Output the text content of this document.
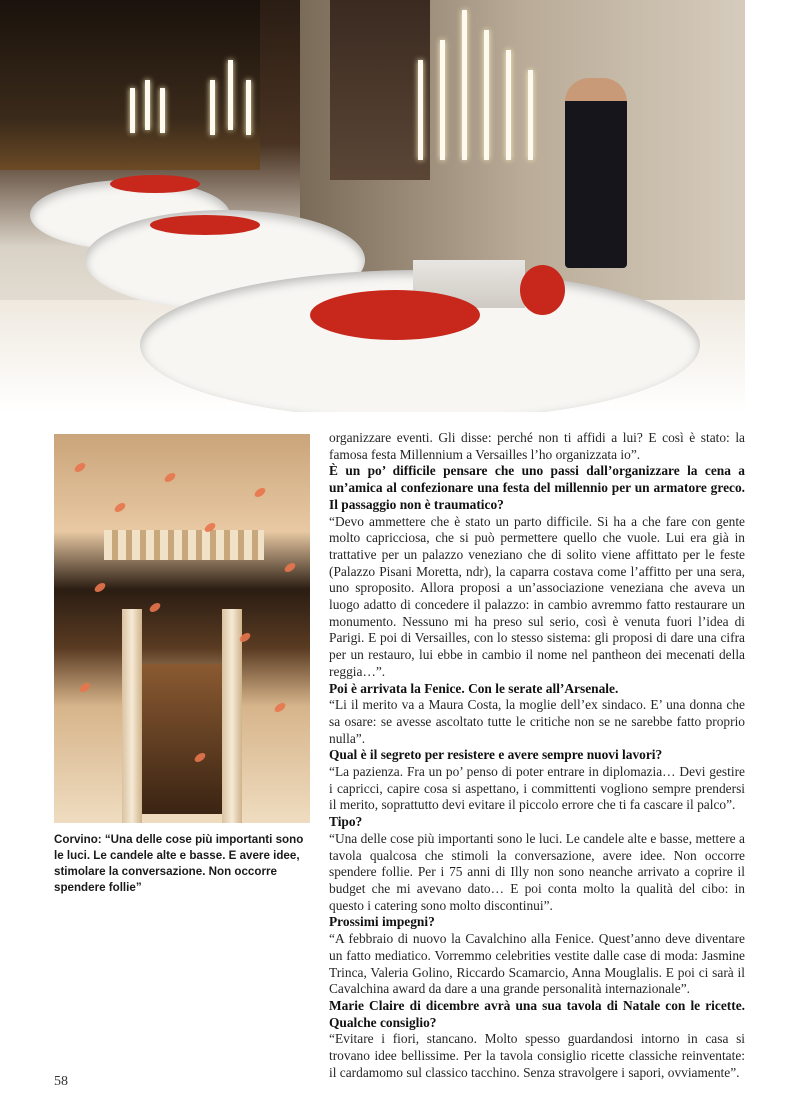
Corvino: “Una delle cose più importanti sono le luci. Le candele alte e basse. E avere idee, stimolare la conversazione. Non occorre spendere follie”

organizzare eventi. Gli disse: perché non ti affidi a lui? E così è stato: la famosa festa Millennium a Versailles l’ho organizzata io”.

È un po’ difficile pensare che uno passi dall’organizzare la cena a un’amica al confezionare una festa del millennio per un armatore greco. Il passaggio non è traumatico?

“Devo ammettere che è stato un parto difficile. Si ha a che fare con gente molto capricciosa, che si può permettere quello che vuole. Lui era già in trattative per un palazzo veneziano che di solito viene affittato per le feste (Palazzo Pisani Moretta, ndr), la caparra costava come l’affitto per una sera, uno sproposito. Allora proposi a un’associazione veneziana che aveva un luogo adatto di concedere il palazzo: in cambio avremmo fatto restaurare un monumento. Nessuno mi ha preso sul serio, così è venuta fuori l’idea di Parigi. E poi di Versailles, con lo stesso sistema: gli proposi di dare una cifra per un restauro, lui ebbe in cambio il nome nel pantheon dei mecenati della reggia…”.

Poi è arrivata la Fenice. Con le serate all’Arsenale.

“Li il merito va a Maura Costa, la moglie dell’ex sindaco. E’ una donna che sa osare: se avesse ascoltato tutte le critiche non se ne sarebbe fatto proprio nulla”.

Qual è il segreto per resistere e avere sempre nuovi lavori?

“La pazienza. Fra un po’ penso di poter entrare in diplomazia… Devi gestire i capricci, capire cosa si aspettano, i committenti vogliono sempre prendersi il merito, soprattutto devi evitare il piccolo errore che ti fa cascare il palco”.

Tipo?

“Una delle cose più importanti sono le luci. Le candele alte e basse, mettere a tavola qualcosa che stimoli la conversazione, avere idee. Non occorre spendere follie. Per i 75 anni di Illy non sono neanche arrivato a coprire il budget che mi avevano dato… E poi conta molto la qualità del cibo: in questo i catering sono molto discontinui”.

Prossimi impegni?

“A febbraio di nuovo la Cavalchino alla Fenice. Quest’anno deve diventare un fatto mediatico. Vorremmo celebrities vestite dalle case di moda: Jasmine Trinca, Valeria Golino, Riccardo Scamarcio, Anna Mouglalis. E poi ci sarà il Cavalchina award da dare a una grande personalità internazionale”.

Marie Claire di dicembre avrà una sua tavola di Natale con le ricette. Qualche consiglio?

“Evitare i fiori, stancano. Molto spesso guardandosi intorno in casa si trovano idee bellissime. Per la tavola consiglio ricette classiche reinventate: il cardamomo sul classico tacchino. Senza stravolgere i sapori, ovviamente”.

58
